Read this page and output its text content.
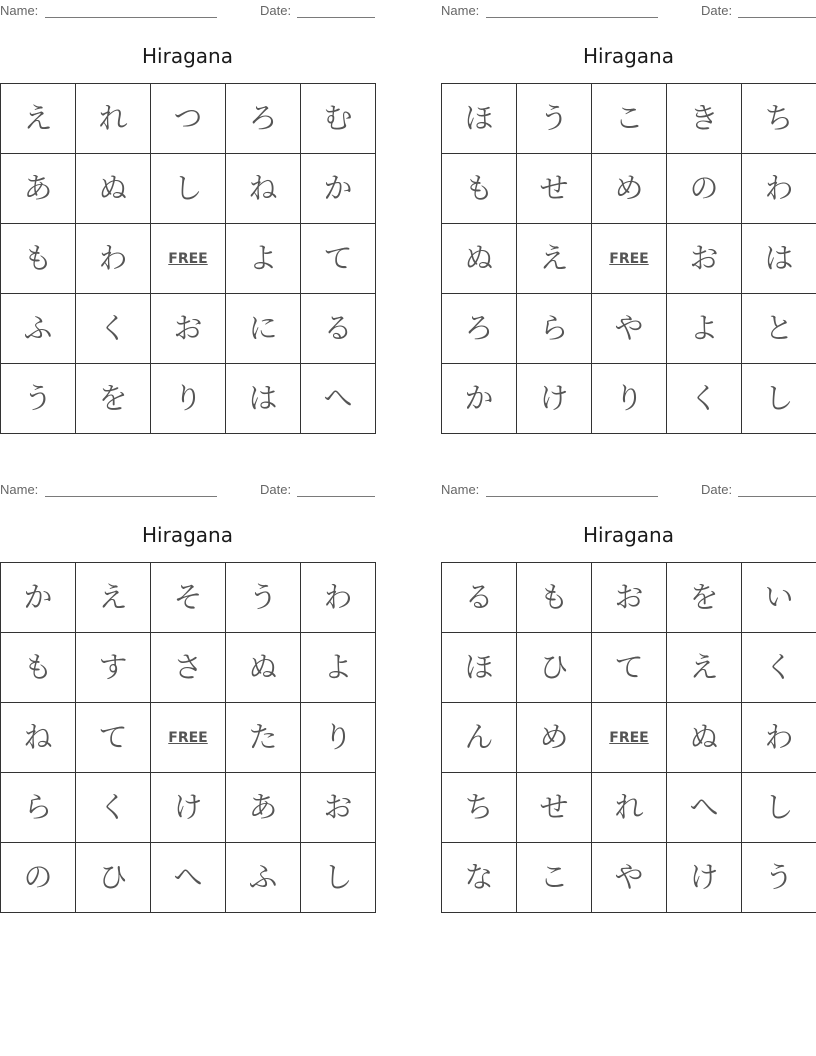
Name:	Date:
Hiragana
え	れ	つ	ろ	む
あ	ぬ	し	ね	か
も	わ	FREE	よ	て
ふ	く	お	に	る
う	を	り	は	へ
Name:	Date:
Hiragana
ほ	う	こ	き	ち
も	せ	め	の	わ
ぬ	え	FREE	お	は
ろ	ら	や	よ	と
か	け	り	く	し
Name:	Date:
Hiragana
か	え	そ	う	わ
も	す	さ	ぬ	よ
ね	て	FREE	た	り
ら	く	け	あ	お
の	ひ	へ	ふ	し
Name:	Date:
Hiragana
る	も	お	を	い
ほ	ひ	て	え	く
ん	め	FREE	ぬ	わ
ち	せ	れ	へ	し
な	こ	や	け	う
